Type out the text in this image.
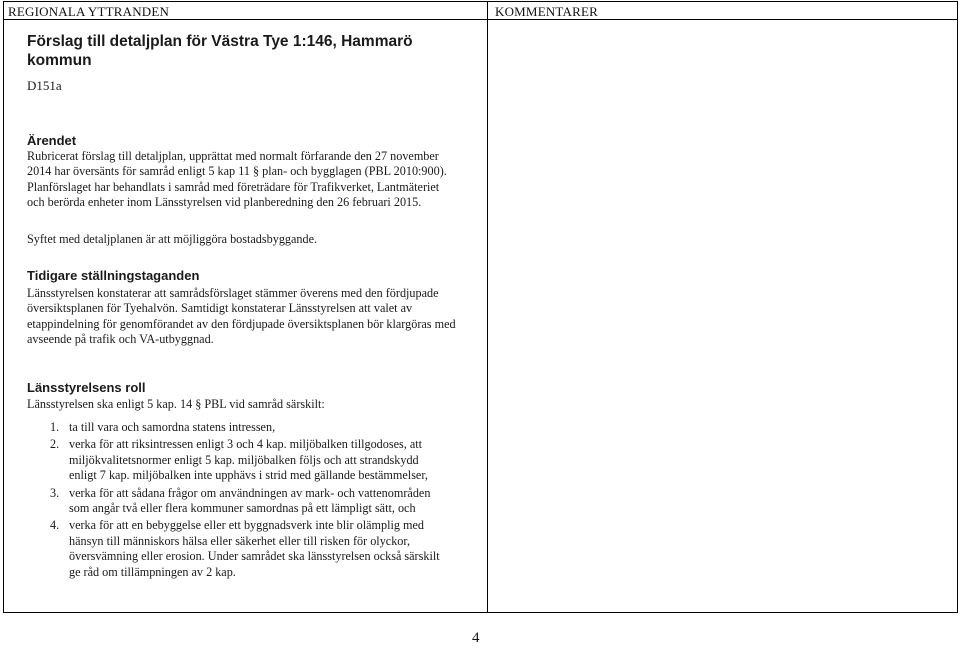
REGIONALA YTTRANDEN	KOMMENTARER
Förslag till detaljplan för Västra Tye 1:146, Hammarö kommun

D151a

Ärendet

Rubricerat förslag till detaljplan, upprättat med normalt förfarande den 27 november 2014 har översänts för samråd enligt 5 kap 11 § plan- och bygglagen (PBL 2010:900). Planförslaget har behandlats i samråd med företrädare för Trafikverket, Lantmäteriet och berörda enheter inom Länsstyrelsen vid planberedning den 26 februari 2015.

Syftet med detaljplanen är att möjliggöra bostadsbyggande.

Tidigare ställningstaganden

Länsstyrelsen konstaterar att samrådsförslaget stämmer överens med den fördjupade översiktsplanen för Tyehalvön. Samtidigt konstaterar Länsstyrelsen att valet av etappindelning för genomförandet av den fördjupade översiktsplanen bör klargöras med avseende på trafik och VA-utbyggnad.

Länsstyrelsens roll

Länsstyrelsen ska enligt 5 kap. 14 § PBL vid samråd särskilt:

1. ta till vara och samordna statens intressen,
2. verka för att riksintressen enligt 3 och 4 kap. miljöbalken tillgodoses, att miljökvalitetsnormer enligt 5 kap. miljöbalken följs och att strandskydd enligt 7 kap. miljöbalken inte upphävs i strid med gällande bestämmelser,
3. verka för att sådana frågor om användningen av mark- och vattenområden som angår två eller flera kommuner samordnas på ett lämpligt sätt, och
4. verka för att en bebyggelse eller ett byggnadsverk inte blir olämplig med hänsyn till människors hälsa eller säkerhet eller till risken för olyckor, översvämning eller erosion. Under samrådet ska länsstyrelsen också särskilt ge råd om tillämpningen av 2 kap.
4
